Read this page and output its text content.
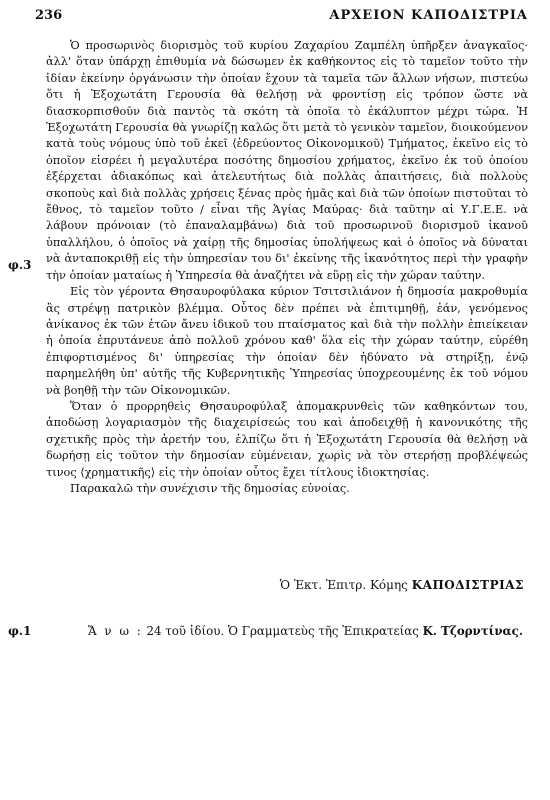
236	ΑΡΧΕΙΟΝ ΚΑΠΟΔΙΣΤΡΙΑ
φ.3

Ὁ προσωρινὸς διορισμὸς τοῦ κυρίου Ζαχαρίου Ζαμπέλη ὑπῆρξεν ἀναγκαῖος· ἀλλ' ὅταν ὑπάρχῃ ἐπιθυμία νὰ δώσωμεν ἐκ καθήκοντος εἰς τὸ ταμεῖον τοῦτο τὴν ἰδίαν ἐκείνην ὀργάνωσιν τὴν ὁποίαν ἔχουν τὰ ταμεῖα τῶν ἄλλων νήσων, πιστεύω ὅτι ἡ Ἐξοχωτάτη Γερουσία θὰ θελήσῃ νὰ φροντίσῃ εἰς τρόπον ὥστε νὰ διασκορπισθοῦν διὰ παντὸς τὰ σκότη τὰ ὁποῖα τὸ ἐκάλυπτον μέχρι τώρα. Ἡ Ἐξοχωτάτη Γερουσία θὰ γνωρίζῃ καλῶς ὅτι μετὰ τὸ γενικὸν ταμεῖον, διοικούμενον κατὰ τοὺς νόμους ὑπὸ τοῦ ἐκεῖ ⟨ἑδρεύοντος Οἰκονομικοῦ⟩ Τμήματος, ἐκεῖνο εἰς τὸ ὁποῖον εἰσρέει ἡ μεγαλυτέρα ποσότης δημοσίου χρήματος, ἐκεῖνο ἐκ τοῦ ὁποίου ἐξέρχεται ἀδιακόπως καὶ ἀτελευτήτως διὰ πολλὰς ἀπαιτήσεις, διὰ πολλοὺς σκοποὺς καὶ διὰ πολλὰς χρήσεις ξένας πρὸς ἡμᾶς καὶ διὰ τῶν ὁποίων πιστοῦται τὸ ἔθνος, τὸ ταμεῖον τοῦτο / εἶναι τῆς Ἁγίας Μαύρας· διὰ ταῦτην αἱ Υ.Γ.Ε.Ε. νὰ λάβουν πρόνοιαν (τὸ ἐπαναλαμβάνω) διὰ τοῦ προσωρινοῦ διορισμοῦ ἱκανοῦ ὑπαλλήλου, ὁ ὁποῖος νὰ χαίρῃ τῆς δημοσίας ὑπολήψεως καὶ ὁ ὁποῖος νὰ δύναται νὰ ἀνταποκριθῇ εἰς τὴν ὑπηρεσίαν του δι' ἐκείνης τῆς ἱκανότητος περὶ τὴν γραφὴν τὴν ὁποίαν ματαίως ἡ Ὑπηρεσία θὰ ἀναζήτει νὰ εὕρῃ εἰς τὴν χώραν ταύτην.

Εἰς τὸν γέροντα Θησαυροφύλακα κύριον Τσιτσιλιάνον ἡ δημοσία μακροθυμία ἂς στρέψῃ πατρικὸν βλέμμα. Οὗτος δὲν πρέπει νὰ ἐπιτιμηθῇ, ἐάν, γενόμενος ἀνίκανος ἐκ τῶν ἐτῶν ἄνευ ἰδικοῦ του πταίσματος καὶ διὰ τὴν πολλὴν ἐπιείκειαν ἡ ὁποία ἐπρυτάνευε ἀπὸ πολλοῦ χρόνου καθ' ὅλα εἰς τὴν χώραν ταύτην, εὑρέθη ἐπιφορτισμένος δι' ὑπηρεσίας τὴν ὁποίαν δὲν ἠδύνατο νὰ στηρίξῃ, ἐνῷ παρημελήθη ὑπ' αὐτῆς τῆς Κυβερνητικῆς Ὑπηρεσίας ὑποχρεουμένης ἐκ τοῦ νόμου νὰ βοηθῇ τὴν τῶν Οἰκονομικῶν.

Ὅταν ὁ προρρηθεὶς Θησαυροφύλαξ ἀπομακρυνθεὶς τῶν καθηκόντων του, ἀποδώσῃ λογαριασμὸν τῆς διαχειρίσεώς του καὶ ἀποδειχθῇ ἡ κανονικότης τῆς σχετικῆς πρὸς τὴν ἀρετήν του, ἐλπίζω ὅτι ἡ Ἐξοχωτάτη Γερουσία θὰ θελήσῃ νὰ δωρήσῃ εἰς τοῦτον τὴν δημοσίαν εὐμένειαν, χωρὶς νὰ τὸν στερήσῃ προβλέψεώς τινος ⟨χρηματικῆς⟩ εἰς τὴν ὁποίαν οὗτος ἔχει τίτλους ἰδιοκτησίας.

Παρακαλῶ τὴν συνέχισιν τῆς δημοσίας εὐνοίας.

Ὁ Ἐκτ. Ἐπιτρ. Κόμης ΚΑΠΟΔΙΣΤΡΙΑΣ
φ.1	Ἄ ν ω : 24 τοῦ ἰδίου. Ὁ Γραμματεὺς τῆς Ἐπικρατείας Κ. Τζορντίνας.
